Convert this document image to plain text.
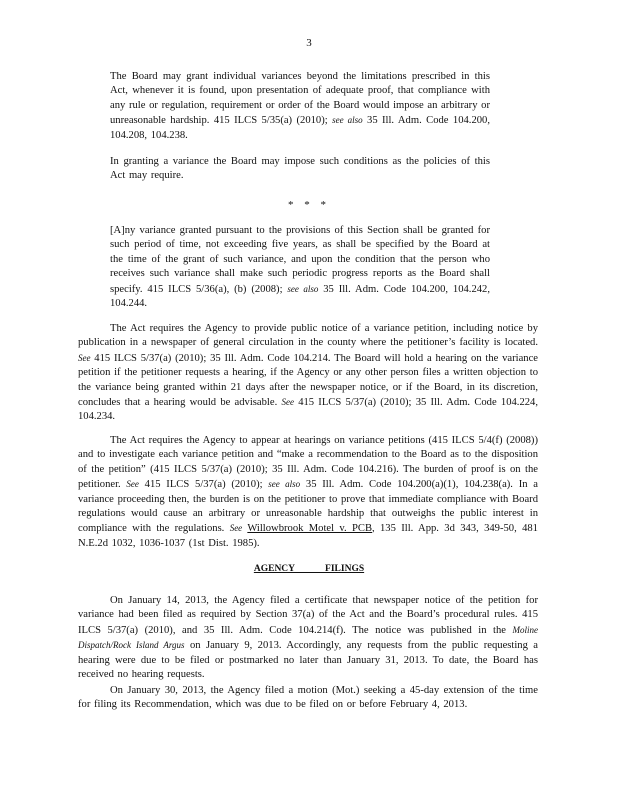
3

The Board may grant individual variances beyond the limitations prescribed in this Act, whenever it is found, upon presentation of adequate proof, that compliance with any rule or regulation, requirement or order of the Board would impose an arbitrary or unreasonable hardship. 415 ILCS 5/35(a) (2010); see also 35 Ill. Adm. Code 104.200, 104.208, 104.238.

In granting a variance the Board may impose such conditions as the policies of this Act may require.

* * *

[A]ny variance granted pursuant to the provisions of this Section shall be granted for such period of time, not exceeding five years, as shall be specified by the Board at the time of the grant of such variance, and upon the condition that the person who receives such variance shall make such periodic progress reports as the Board shall specify. 415 ILCS 5/36(a), (b) (2008); see also 35 Ill. Adm. Code 104.200, 104.242, 104.244.

The Act requires the Agency to provide public notice of a variance petition, including notice by publication in a newspaper of general circulation in the county where the petitioner’s facility is located. See 415 ILCS 5/37(a) (2010); 35 Ill. Adm. Code 104.214. The Board will hold a hearing on the variance petition if the petitioner requests a hearing, if the Agency or any other person files a written objection to the variance being granted within 21 days after the newspaper notice, or if the Board, in its discretion, concludes that a hearing would be advisable. See 415 ILCS 5/37(a) (2010); 35 Ill. Adm. Code 104.224, 104.234.

The Act requires the Agency to appear at hearings on variance petitions (415 ILCS 5/4(f) (2008)) and to investigate each variance petition and “make a recommendation to the Board as to the disposition of the petition” (415 ILCS 5/37(a) (2010); 35 Ill. Adm. Code 104.216). The burden of proof is on the petitioner. See 415 ILCS 5/37(a) (2010); see also 35 Ill. Adm. Code 104.200(a)(1), 104.238(a). In a variance proceeding then, the burden is on the petitioner to prove that immediate compliance with Board regulations would cause an arbitrary or unreasonable hardship that outweighs the public interest in compliance with the regulations. See Willowbrook Motel v. PCB, 135 Ill. App. 3d 343, 349-50, 481 N.E.2d 1032, 1036-1037 (1st Dist. 1985).

AGENCY FILINGS

On January 14, 2013, the Agency filed a certificate that newspaper notice of the petition for variance had been filed as required by Section 37(a) of the Act and the Board’s procedural rules. 415 ILCS 5/37(a) (2010), and 35 Ill. Adm. Code 104.214(f). The notice was published in the Moline Dispatch/Rock Island Argus on January 9, 2013. Accordingly, any requests from the public requesting a hearing were due to be filed or postmarked no later than January 31, 2013. To date, the Board has received no hearing requests.

On January 30, 2013, the Agency filed a motion (Mot.) seeking a 45-day extension of the time for filing its Recommendation, which was due to be filed on or before February 4, 2013.
